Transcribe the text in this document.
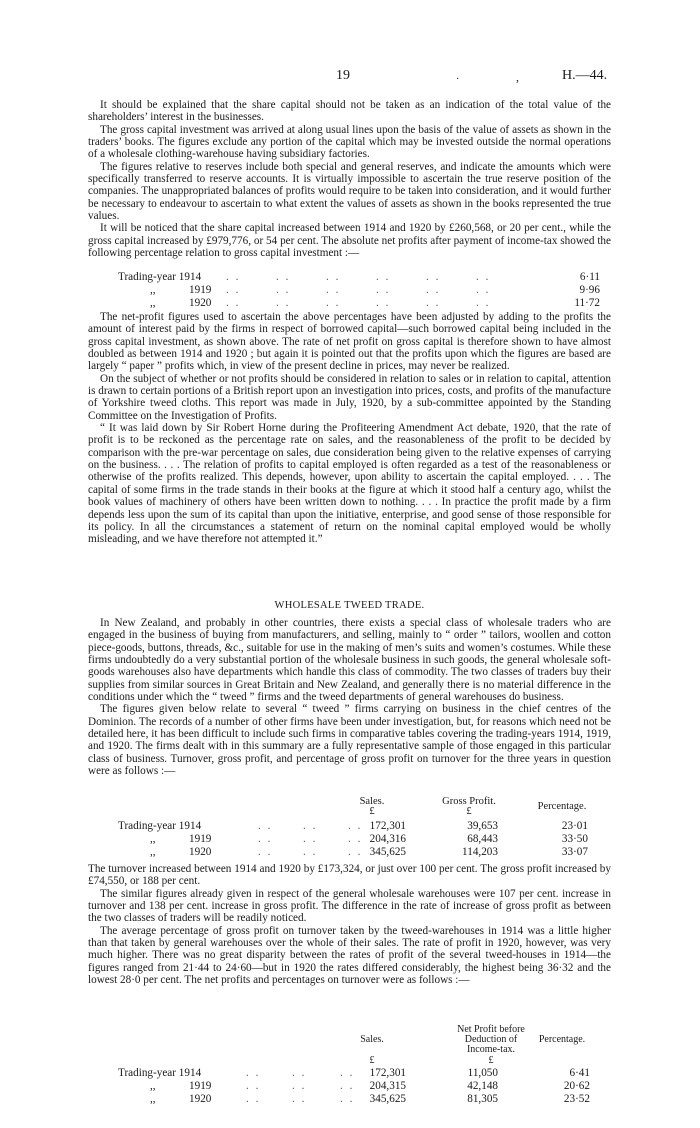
19	·	,	H.—44.

It should be explained that the share capital should not be taken as an indication of the total value of the shareholders’ interest in the businesses.

The gross capital investment was arrived at along usual lines upon the basis of the value of assets as shown in the traders’ books. The figures exclude any portion of the capital which may be invested outside the normal operations of a wholesale clothing-warehouse having subsidiary factories.

The figures relative to reserves include both special and general reserves, and indicate the amounts which were specifically transferred to reserve accounts. It is virtually impossible to ascertain the true reserve position of the companies. The unappropriated balances of profits would require to be taken into consideration, and it would further be necessary to endeavour to ascertain to what extent the values of assets as shown in the books represented the true values.

It will be noticed that the share capital increased between 1914 and 1920 by £260,568, or 20 per cent., while the gross capital increased by £979,776, or 54 per cent. The absolute net profits after payment of income-tax showed the following percentage relation to gross capital investment :—

Trading-year 1914 . .	. .	. .	. .	. .	. .	6·11
,,	1919 . .	. .	. .	. .	. .	. .	9·96
,,	1920 . .	. .	. .	. .	. .	. .	11·72

The net-profit figures used to ascertain the above percentages have been adjusted by adding to the profits the amount of interest paid by the firms in respect of borrowed capital—such borrowed capital being included in the gross capital investment, as shown above. The rate of net profit on gross capital is therefore shown to have almost doubled as between 1914 and 1920 ; but again it is pointed out that the profits upon which the figures are based are largely “ paper ” profits which, in view of the present decline in prices, may never be realized.

On the subject of whether or not profits should be considered in relation to sales or in relation to capital, attention is drawn to certain portions of a British report upon an investigation into prices, costs, and profits of the manufacture of Yorkshire tweed cloths. This report was made in July, 1920, by a sub-committee appointed by the Standing Committee on the Investigation of Profits.

“ It was laid down by Sir Robert Horne during the Profiteering Amendment Act debate, 1920, that the rate of profit is to be reckoned as the percentage rate on sales, and the reasonableness of the profit to be decided by comparison with the pre-war percentage on sales, due consideration being given to the relative expenses of carrying on the business. . . . The relation of profits to capital employed is often regarded as a test of the reasonableness or otherwise of the profits realized. This depends, however, upon ability to ascertain the capital employed. . . . The capital of some firms in the trade stands in their books at the figure at which it stood half a century ago, whilst the book values of machinery of others have been written down to nothing. . . . In practice the profit made by a firm depends less upon the sum of its capital than upon the initiative, enterprise, and good sense of those responsible for its policy. In all the circumstances a statement of return on the nominal capital employed would be wholly misleading, and we have therefore not attempted it.”

WHOLESALE TWEED TRADE.

In New Zealand, and probably in other countries, there exists a special class of wholesale traders who are engaged in the business of buying from manufacturers, and selling, mainly to “ order ” tailors, woollen and cotton piece-goods, buttons, threads, &c., suitable for use in the making of men’s suits and women’s costumes. While these firms undoubtedly do a very substantial portion of the wholesale business in such goods, the general wholesale soft-goods warehouses also have departments which handle this class of commodity. The two classes of traders buy their supplies from similar sources in Great Britain and New Zealand, and generally there is no material difference in the conditions under which the “ tweed ” firms and the tweed departments of general warehouses do business.

The figures given below relate to several “ tweed ” firms carrying on business in the chief centres of the Dominion. The records of a number of other firms have been under investigation, but, for reasons which need not be detailed here, it has been difficult to include such firms in comparative tables covering the trading-years 1914, 1919, and 1920. The firms dealt with in this summary are a fully representative sample of those engaged in this particular class of business. Turnover, gross profit, and percentage of gross profit on turnover for the three years in question were as follows :—

Sales.	Gross Profit.	Percentage.
£	£
Trading-year 1914	. .	. .	. . 172,301	39,653	23·01
,,	1919	. .	. .	. . 204,316	68,443	33·50
,,	1920	. .	. .	. . 345,625	114,203	33·07

The turnover increased between 1914 and 1920 by £173,324, or just over 100 per cent. The gross profit increased by £74,550, or 188 per cent.

The similar figures already given in respect of the general wholesale warehouses were 107 per cent. increase in turnover and 138 per cent. increase in gross profit. The difference in the rate of increase of gross profit as between the two classes of traders will be readily noticed.

The average percentage of gross profit on turnover taken by the tweed-warehouses in 1914 was a little higher than that taken by general warehouses over the whole of their sales. The rate of profit in 1920, however, was very much higher. There was no great disparity between the rates of profit of the several tweed-houses in 1914—the figures ranged from 21·44 to 24·60—but in 1920 the rates differed considerably, the highest being 36·32 and the lowest 28·0 per cent. The net profits and percentages on turnover were as follows :—

Net Profit before
Sales.	Deduction of	Percentage.
Income-tax.
£	£
Trading-year 1914	. .	. .	. .	172,301	11,050	6·41
,,	1919	. .	. .	. .	204,315	42,148	20·62
,,	1920	. .	. .	. .	345,625	81,305	23·52
